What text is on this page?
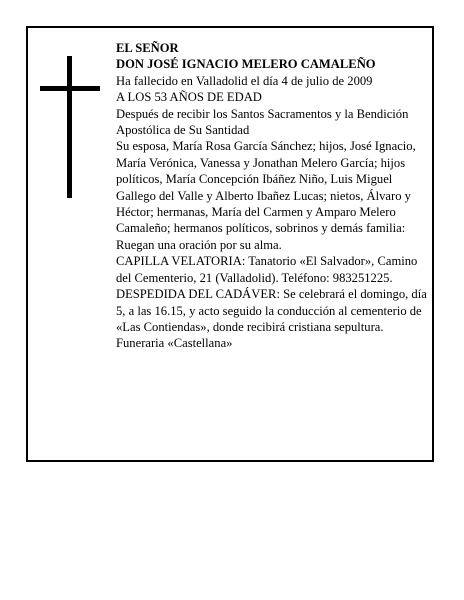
EL SEÑOR

DON JOSÉ IGNACIO MELERO CAMALEÑO

Ha fallecido en Valladolid el día 4 de julio de 2009

A LOS 53 AÑOS DE EDAD

Después de recibir los Santos Sacramentos y la Bendición Apostólica de Su Santidad

Su esposa, María Rosa García Sánchez; hijos, José Ignacio, María Verónica, Vanessa y Jonathan Melero García; hijos políticos, María Concepción Ibáñez Niño, Luis Miguel Gallego del Valle y Alberto Ibañez Lucas; nietos, Álvaro y Héctor; hermanas, María del Carmen y Amparo Melero Camaleño; hermanos políticos, sobrinos y demás familia:

Ruegan una oración por su alma.

CAPILLA VELATORIA: Tanatorio «El Salvador», Camino del Cementerio, 21 (Valladolid). Teléfono: 983251225.

DESPEDIDA DEL CADÁVER: Se celebrará el domingo, día 5, a las 16.15, y acto seguido la conducción al cementerio de «Las Contiendas», donde recibirá cristiana sepultura.

Funeraria «Castellana»
